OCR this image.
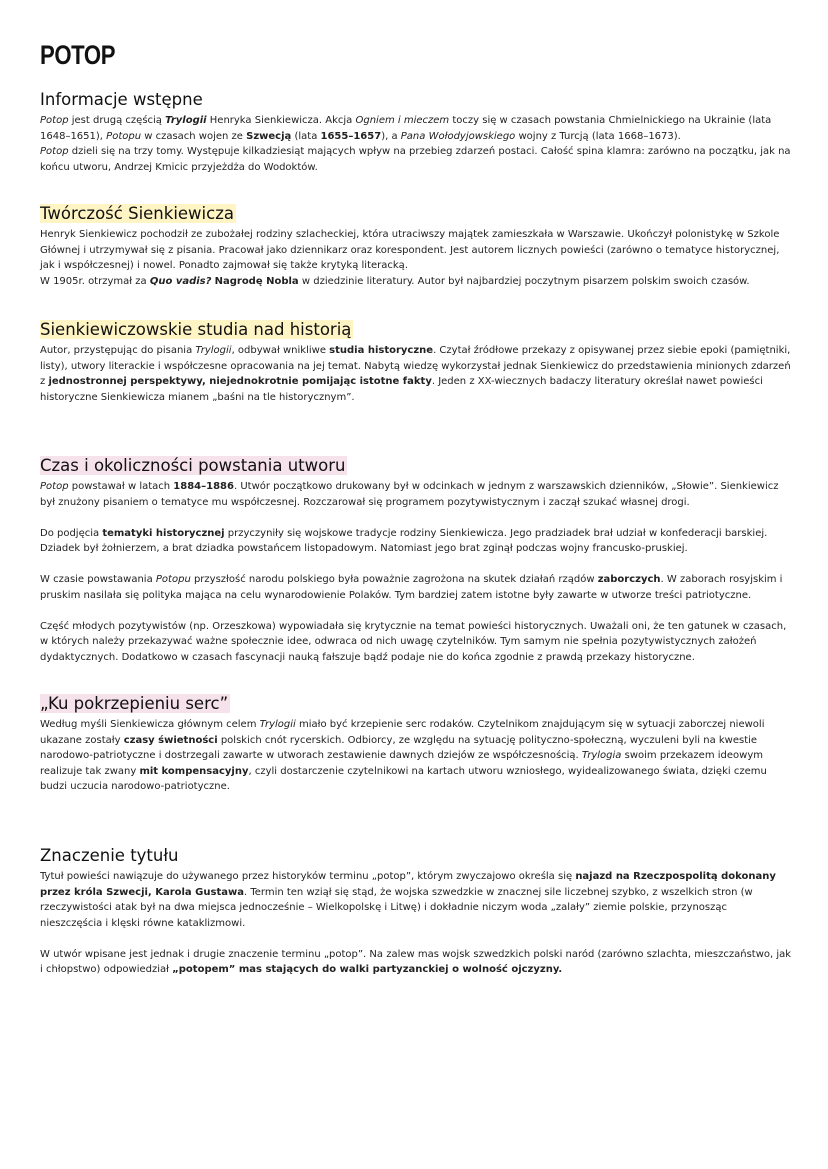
POTOP
Informacje wstępne

Potop jest drugą częścią Trylogii Henryka Sienkiewicza. Akcja Ogniem i mieczem toczy się w czasach powstania Chmielnickiego na Ukrainie (lata 1648–1651), Potopu w czasach wojen ze Szwecją (lata 1655–1657), a Pana Wołodyjowskiego wojny z Turcją (lata 1668–1673).

Potop dzieli się na trzy tomy. Występuje kilkadziesiąt mających wpływ na przebieg zdarzeń postaci. Całość spina klamra: zarówno na początku, jak na końcu utworu, Andrzej Kmicic przyjeżdża do Wodoktów.

Twórczość Sienkiewicza

Henryk Sienkiewicz pochodził ze zubożałej rodziny szlacheckiej, która utraciwszy majątek zamieszkała w Warszawie. Ukończył polonistykę w Szkole Głównej i utrzymywał się z pisania. Pracował jako dziennikarz oraz korespondent. Jest autorem licznych powieści (zarówno o tematyce historycznej, jak i współczesnej) i nowel. Ponadto zajmował się także krytyką literacką.

W 1905r. otrzymał za Quo vadis? Nagrodę Nobla w dziedzinie literatury. Autor był najbardziej poczytnym pisarzem polskim swoich czasów.

Sienkiewiczowskie studia nad historią

Autor, przystępując do pisania Trylogii, odbywał wnikliwe studia historyczne. Czytał źródłowe przekazy z opisywanej przez siebie epoki (pamiętniki, listy), utwory literackie i współczesne opracowania na jej temat. Nabytą wiedzę wykorzystał jednak Sienkiewicz do przedstawienia minionych zdarzeń z jednostronnej perspektywy, niejednokrotnie pomijając istotne fakty. Jeden z XX-wiecznych badaczy literatury określał nawet powieści historyczne Sienkiewicza mianem „baśni na tle historycznym”.

Czas i okoliczności powstania utworu

Potop powstawał w latach 1884–1886. Utwór początkowo drukowany był w odcinkach w jednym z warszawskich dzienników, „Słowie”. Sienkiewicz był znużony pisaniem o tematyce mu współczesnej. Rozczarował się programem pozytywistycznym i zaczął szukać własnej drogi.

Do podjęcia tematyki historycznej przyczyniły się wojskowe tradycje rodziny Sienkiewicza. Jego pradziadek brał udział w konfederacji barskiej. Dziadek był żołnierzem, a brat dziadka powstańcem listopadowym. Natomiast jego brat zginął podczas wojny francusko-pruskiej.

W czasie powstawania Potopu przyszłość narodu polskiego była poważnie zagrożona na skutek działań rządów zaborczych. W zaborach rosyjskim i pruskim nasilała się polityka mająca na celu wynarodowienie Polaków. Tym bardziej zatem istotne były zawarte w utworze treści patriotyczne.

Część młodych pozytywistów (np. Orzeszkowa) wypowiadała się krytycznie na temat powieści historycznych. Uważali oni, że ten gatunek w czasach, w których należy przekazywać ważne społecznie idee, odwraca od nich uwagę czytelników. Tym samym nie spełnia pozytywistycznych założeń dydaktycznych. Dodatkowo w czasach fascynacji nauką fałszuje bądź podaje nie do końca zgodnie z prawdą przekazy historyczne.

„Ku pokrzepieniu serc”

Według myśli Sienkiewicza głównym celem Trylogii miało być krzepienie serc rodaków. Czytelnikom znajdującym się w sytuacji zaborczej niewoli ukazane zostały czasy świetności polskich cnót rycerskich. Odbiorcy, ze względu na sytuację polityczno-społeczną, wyczuleni byli na kwestie narodowo-patriotyczne i dostrzegali zawarte w utworach zestawienie dawnych dziejów ze współczesnością. Trylogia swoim przekazem ideowym realizuje tak zwany mit kompensacyjny, czyli dostarczenie czytelnikowi na kartach utworu wzniosłego, wyidealizowanego świata, dzięki czemu budzi uczucia narodowo-patriotyczne.

Znaczenie tytułu

Tytuł powieści nawiązuje do używanego przez historyków terminu „potop”, którym zwyczajowo określa się najazd na Rzeczpospolitą dokonany przez króla Szwecji, Karola Gustawa. Termin ten wziął się stąd, że wojska szwedzkie w znacznej sile liczebnej szybko, z wszelkich stron (w rzeczywistości atak był na dwa miejsca jednocześnie – Wielkopolskę i Litwę) i dokładnie niczym woda „zalały” ziemie polskie, przynosząc nieszczęścia i klęski równe kataklizmowi.

W utwór wpisane jest jednak i drugie znaczenie terminu „potop”. Na zalew mas wojsk szwedzkich polski naród (zarówno szlachta, mieszczaństwo, jak i chłopstwo) odpowiedział „potopem” mas stających do walki partyzanckiej o wolność ojczyzny.
